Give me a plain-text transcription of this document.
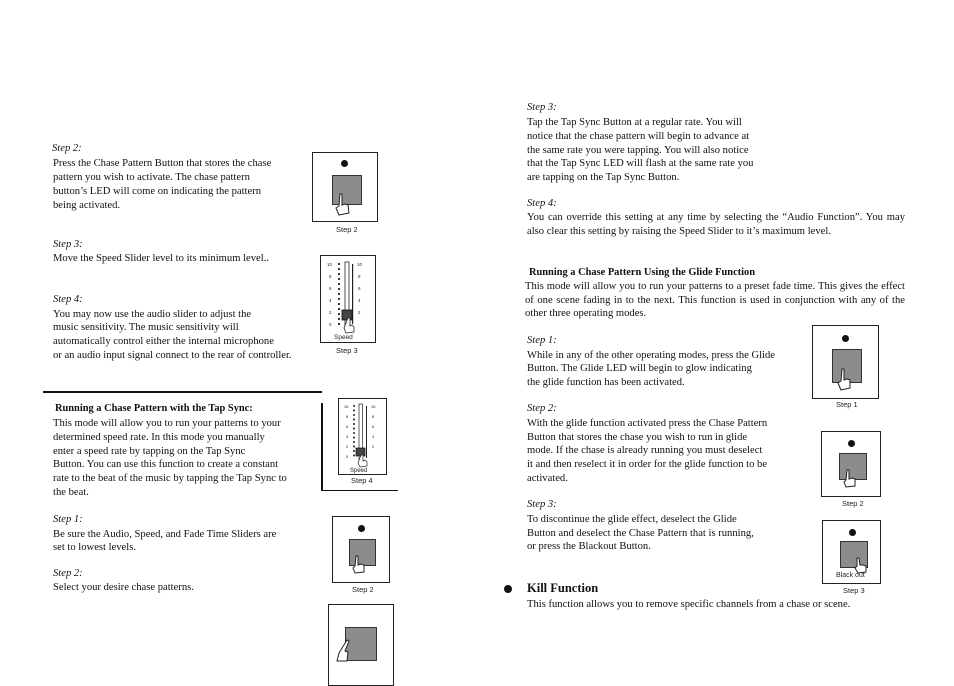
Step 2:
Press the Chase Pattern Button that stores the chase
pattern you wish to activate. The chase pattern
button’s LED will come on indicating the pattern
being activated.
Step 2
Step 3:
Move the Speed Slider level to its minimum level..
10	10
8	8
6	6
4	4
2	2
0
Speed
Step 3
Step 4:
You may now use the audio slider to adjust the
music sensitivity. The music sensitivity will
automatically control either the internal microphone
or an audio input signal connect to the rear of controller.
Running a Chase Pattern with the Tap Sync:
This mode will allow you to run your patterns to your
determined speed rate. In this mode you manually
enter a speed rate by tapping on the Tap Sync
Button. You can use this function to create a constant
rate to the beat of the music by tapping the Tap Sync to
the beat.
10	10
8	8
6	6
4	4
2	2
0
Speed
Step 4
Step 1:
Be sure the Audio, Speed, and Fade Time Sliders are
set to lowest levels.
Step 2
Step 2:
Select your desire chase patterns.
Step 3:
Tap the Tap Sync Button at a regular rate. You will
notice that the chase pattern will begin to advance at
the same rate you were tapping. You will also notice
that the Tap Sync LED will flash at the same rate you
are tapping on the Tap Sync Button.
Step 4:
You can override this setting at any time by selecting the “Audio Function”. You may also clear this setting by raising the Speed Slider to it’s maximum level.
Running a Chase Pattern Using the Glide Function
This mode will allow you to run your patterns to a preset fade time. This gives the effect of one scene fading in to the next. This function is used in conjunction with any of the other three operating modes.
Step 1:
While in any of the other operating modes, press the Glide
Button. The Glide LED will begin to glow indicating
the glide function has been activated.
Step 1
Step 2:
With the glide function activated press the Chase Pattern
Button that stores the chase you wish to run in glide
mode. If the chase is already running you must deselect
it and then reselect it in order for the glide function to be
activated.
Step 2
Step 3:
To discontinue the glide effect, deselect the Glide
Button and deselect the Chase Pattern that is running,
or press the Blackout Button.
Black out
Step 3
Kill Function
This function allows you to remove specific channels from a chase or scene.
